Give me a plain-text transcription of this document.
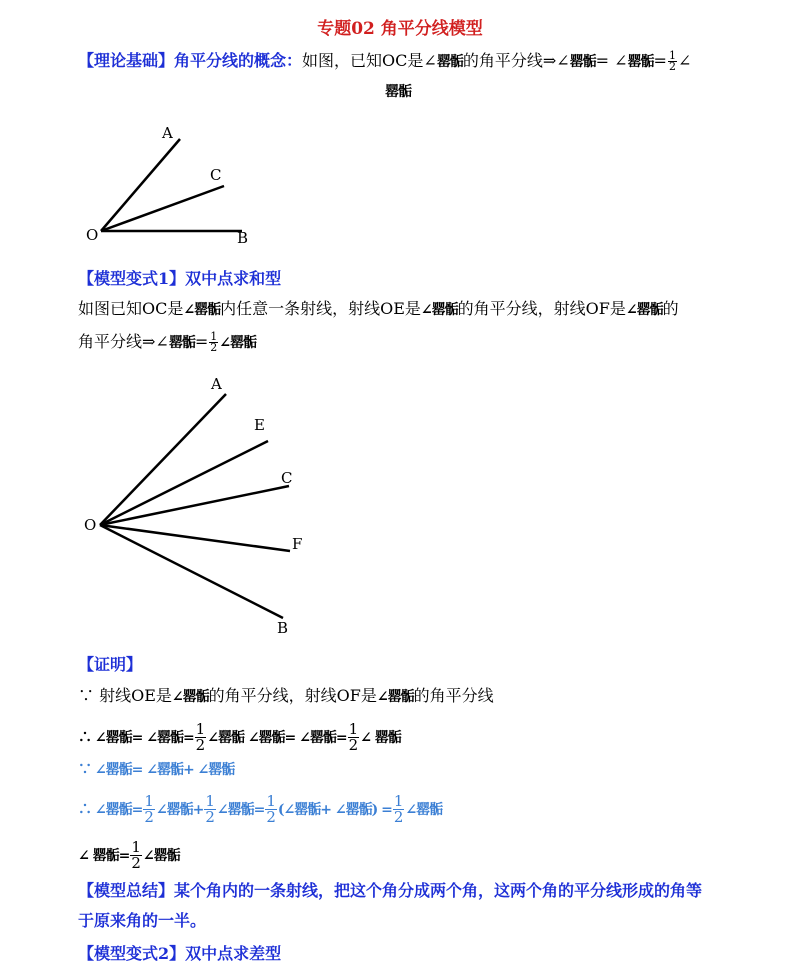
专题02 角平分线模型
【理论基础】角平分线的概念：如图，已知OC是∠罂骺的角平分线⇒∠罂骺= ∠罂骺= $\frac{1}{2}$ ∠
罂骺
A
C
O	B
【模型变式1】双中点求和型
如图已知OC是∠罂骺内任意一条射线，射线OE是∠罂骺的角平分线，射线OF是∠罂骺的
角平分线⇒∠罂骺= $\frac{1}{2}$ ∠罂骺
A
E
C
O
F
B
【证明】
∵ 射线OE是∠罂骺的角平分线，射线OF是∠罂骺的角平分线
∴ ∠罂骺= ∠罂骺= $\frac{1}{2}$ ∠罂骺 ∠罂骺= ∠罂骺= $\frac{1}{2}$ ∠ 罂骺
∵ ∠罂骺= ∠罂骺+ ∠罂骺
∴ ∠罂骺= $\frac{1}{2}$ ∠罂骺+ $\frac{1}{2}$ ∠罂骺= $\frac{1}{2}$ (∠罂骺+ ∠罂骺) = $\frac{1}{2}$ ∠罂骺
∠ 罂骺= $\frac{1}{2}$ ∠罂骺
【模型总结】某个角内的一条射线，把这个角分成两个角，这两个角的平分线形成的角等
于原来角的一半。
【模型变式2】双中点求差型
